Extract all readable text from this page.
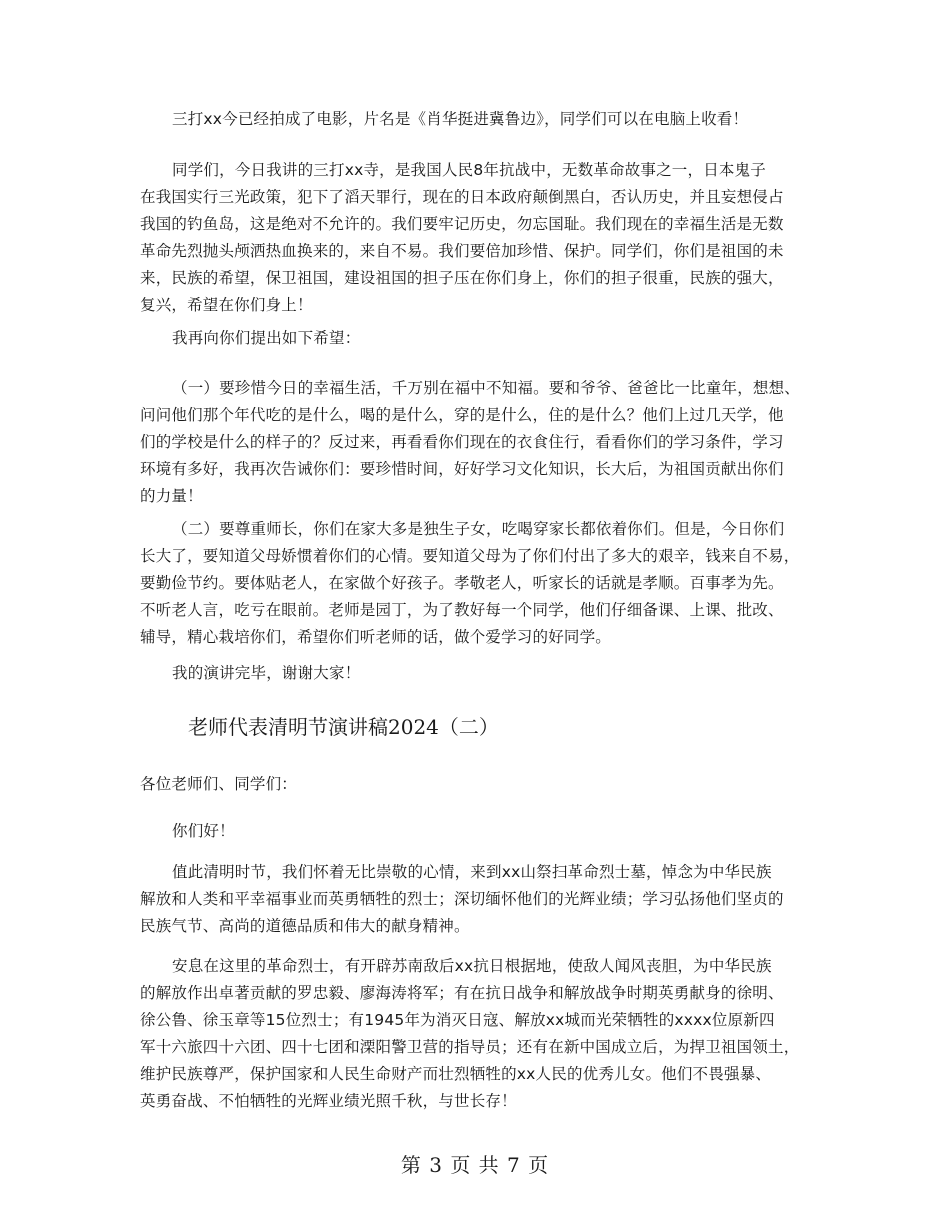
三打xx今已经拍成了电影，片名是《肖华挺进冀鲁边》，同学们可以在电脑上收看！
同学们，今日我讲的三打xx寺，是我国人民8年抗战中，无数革命故事之一，日本鬼子
在我国实行三光政策，犯下了滔天罪行，现在的日本政府颠倒黑白，否认历史，并且妄想侵占
我国的钓鱼岛，这是绝对不允许的。我们要牢记历史，勿忘国耻。我们现在的幸福生活是无数
革命先烈抛头颅洒热血换来的，来自不易。我们要倍加珍惜、保护。同学们，你们是祖国的未
来，民族的希望，保卫祖国，建设祖国的担子压在你们身上，你们的担子很重，民族的强大，
复兴，希望在你们身上！
我再向你们提出如下希望：
（一）要珍惜今日的幸福生活，千万别在福中不知福。要和爷爷、爸爸比一比童年，想想、
问问他们那个年代吃的是什么，喝的是什么，穿的是什么，住的是什么？他们上过几天学，他
们的学校是什么的样子的？反过来，再看看你们现在的衣食住行，看看你们的学习条件，学习
环境有多好，我再次告诫你们：要珍惜时间，好好学习文化知识，长大后，为祖国贡献出你们
的力量！
（二）要尊重师长，你们在家大多是独生子女，吃喝穿家长都依着你们。但是，今日你们
长大了，要知道父母娇惯着你们的心情。要知道父母为了你们付出了多大的艰辛，钱来自不易，
要勤俭节约。要体贴老人，在家做个好孩子。孝敬老人，听家长的话就是孝顺。百事孝为先。
不听老人言，吃亏在眼前。老师是园丁，为了教好每一个同学，他们仔细备课、上课、批改、
辅导，精心栽培你们，希望你们听老师的话，做个爱学习的好同学。
我的演讲完毕，谢谢大家！
老师代表清明节演讲稿2024（二）
各位老师们、同学们：
你们好！
值此清明时节，我们怀着无比崇敬的心情，来到xx山祭扫革命烈士墓，悼念为中华民族
解放和人类和平幸福事业而英勇牺牲的烈士；深切缅怀他们的光辉业绩；学习弘扬他们坚贞的
民族气节、高尚的道德品质和伟大的献身精神。
安息在这里的革命烈士，有开辟苏南敌后xx抗日根据地，使敌人闻风丧胆，为中华民族
的解放作出卓著贡献的罗忠毅、廖海涛将军；有在抗日战争和解放战争时期英勇献身的徐明、
徐公鲁、徐玉章等15位烈士；有1945年为消灭日寇、解放xx城而光荣牺牲的xxxx位原新四
军十六旅四十六团、四十七团和溧阳警卫营的指导员；还有在新中国成立后，为捍卫祖国领土，
维护民族尊严，保护国家和人民生命财产而壮烈牺牲的xx人民的优秀儿女。他们不畏强暴、
英勇奋战、不怕牺牲的光辉业绩光照千秋，与世长存！
第 3 页 共 7 页
